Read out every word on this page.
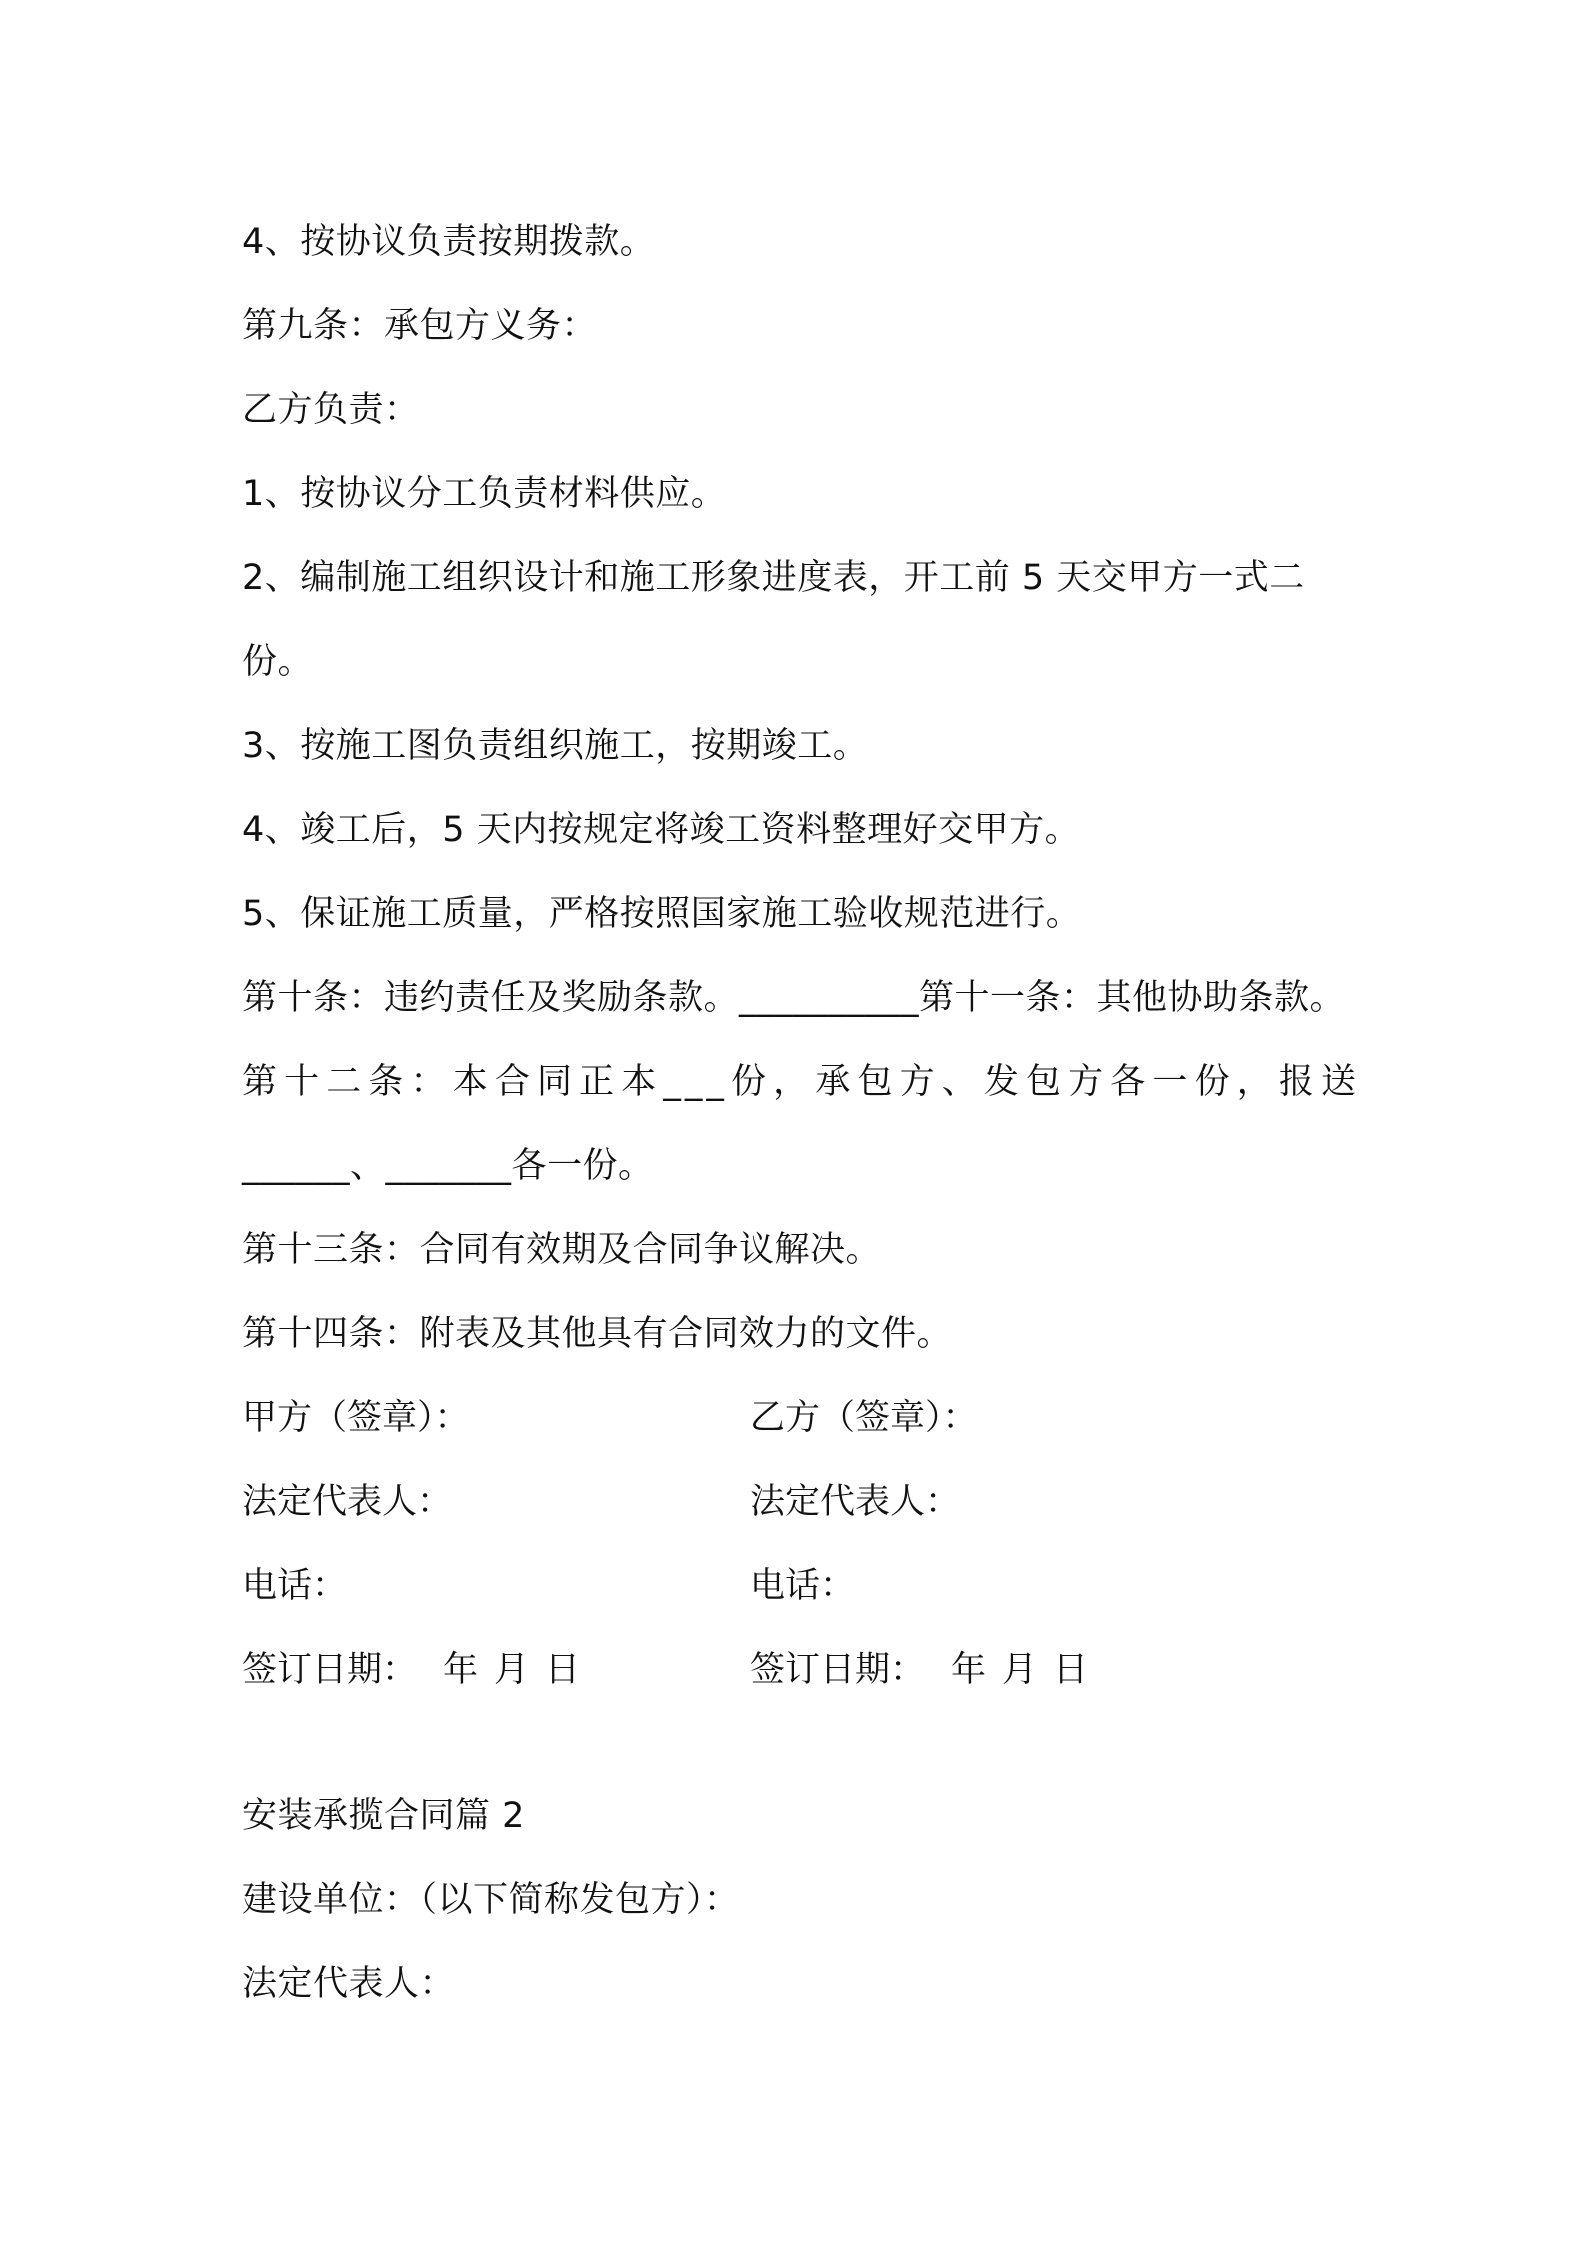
4、按协议负责按期拨款。
第九条：承包方义务：
乙方负责：
1、按协议分工负责材料供应。
2、编制施工组织设计和施工形象进度表，开工前 5 天交甲方一式二
份。
3、按施工图负责组织施工，按期竣工。
4、竣工后，5 天内按规定将竣工资料整理好交甲方。
5、保证施工质量，严格按照国家施工验收规范进行。
第十条：违约责任及奖励条款。__________第十一条：其他协助条款。
第十二条：本合同正本___份，承包方、发包方各一份，报送
______、_______各一份。
第十三条：合同有效期及合同争议解决。
第十四条：附表及其他具有合同效力的文件。
甲方（签章）：	乙方（签章）：
法定代表人：	法定代表人：
电话：	电话：
签订日期： 年 月 日	签订日期： 年 月 日
安装承揽合同篇 2
建设单位：（以下简称发包方）：
法定代表人：
